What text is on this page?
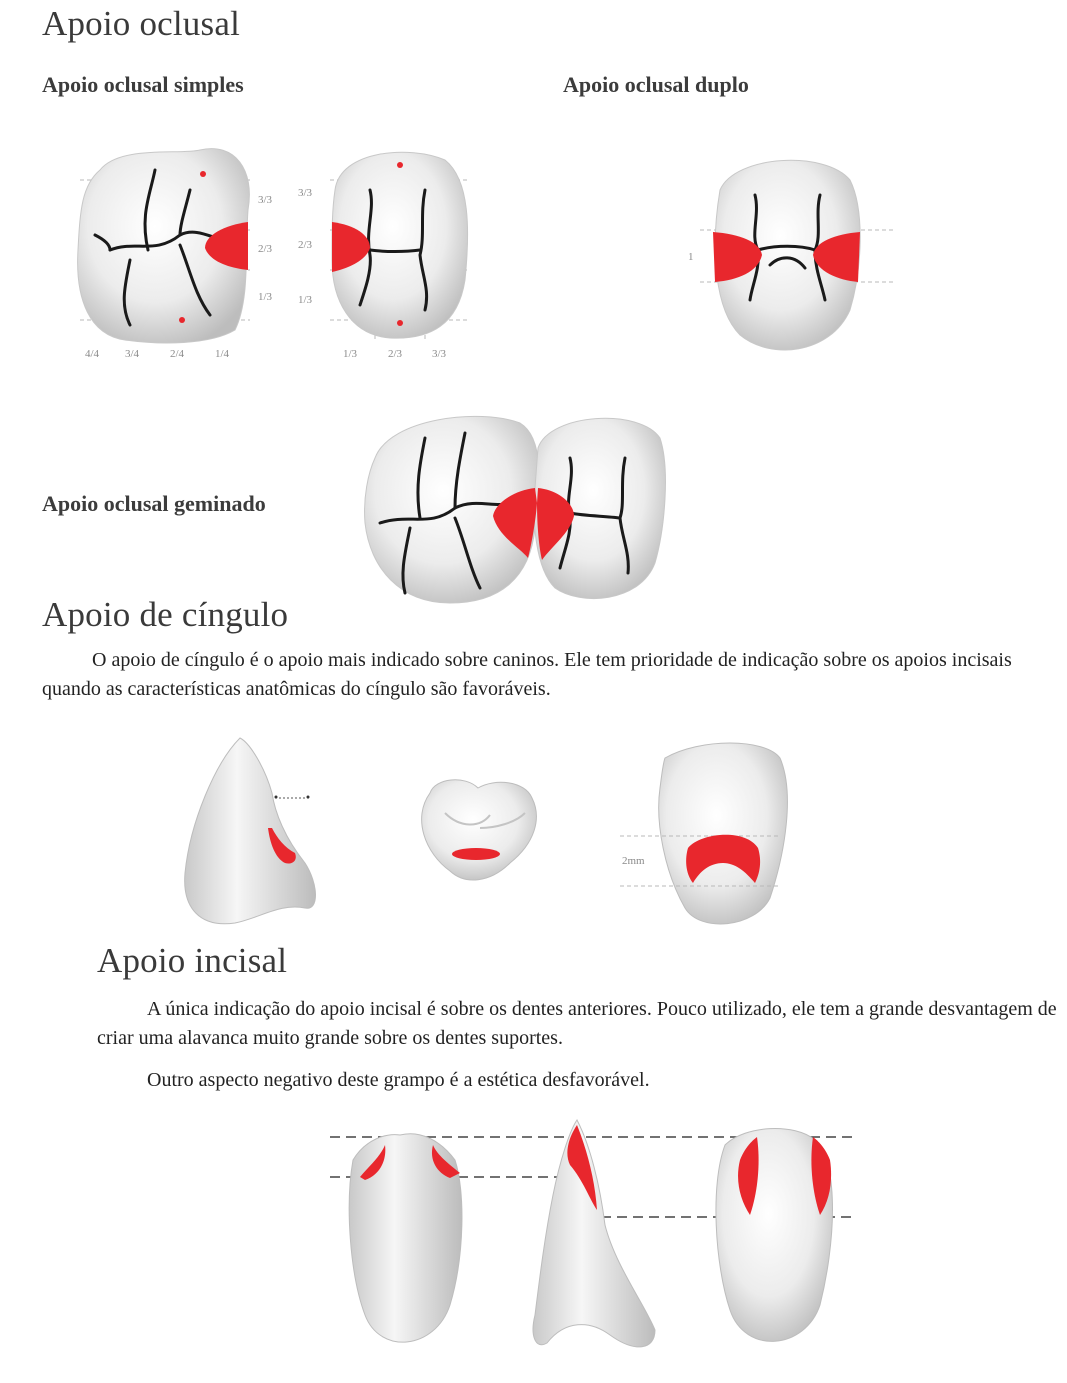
Apoio oclusal
Apoio oclusal simples	Apoio oclusal duplo
3/3
2/3
1/3
3/3
2/3
1/3
4/4 3/4	2/4	1/4	1/3	2/3	3/3
1
Apoio oclusal geminado
Apoio de cíngulo

O apoio de cíngulo é o apoio mais indicado sobre caninos. Ele tem prioridade de indicação sobre os apoios incisais quando as características anatômicas do cíngulo são favoráveis.

2mm
Apoio incisal

A única indicação do apoio incisal é sobre os dentes anteriores. Pouco utilizado, ele tem a grande desvantagem de criar uma alavanca muito grande sobre os dentes suportes.

Outro aspecto negativo deste grampo é a estética desfavorável.
